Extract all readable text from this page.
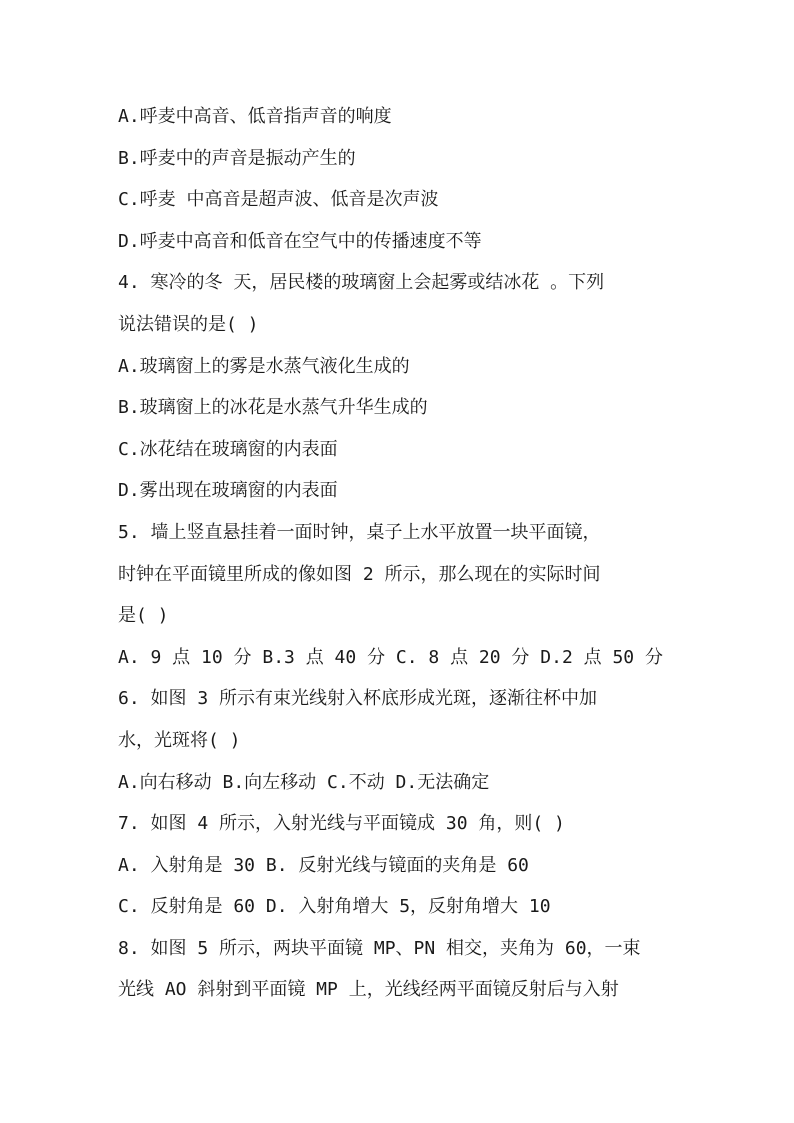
A.呼麦中高音、低音指声音的响度
B.呼麦中的声音是振动产生的
C.呼麦 中高音是超声波、低音是次声波
D.呼麦中高音和低音在空气中的传播速度不等
4. 寒冷的冬 天，居民楼的玻璃窗上会起雾或结冰花 。下列
说法错误的是( )
A.玻璃窗上的雾是水蒸气液化生成的
B.玻璃窗上的冰花是水蒸气升华生成的
C.冰花结在玻璃窗的内表面
D.雾出现在玻璃窗的内表面
5. 墙上竖直悬挂着一面时钟，桌子上水平放置一块平面镜，
时钟在平面镜里所成的像如图 2 所示，那么现在的实际时间
是( )
A. 9 点 10 分 B.3 点 40 分 C. 8 点 20 分 D.2 点 50 分
6. 如图 3 所示有束光线射入杯底形成光斑，逐渐往杯中加
水，光斑将( )
A.向右移动 B.向左移动 C.不动 D.无法确定
7. 如图 4 所示，入射光线与平面镜成 30 角，则( )
A. 入射角是 30 B. 反射光线与镜面的夹角是 60
C. 反射角是 60 D. 入射角增大 5，反射角增大 10
8. 如图 5 所示，两块平面镜 MP、PN 相交，夹角为 60，一束
光线 AO 斜射到平面镜 MP 上，光线经两平面镜反射后与入射
